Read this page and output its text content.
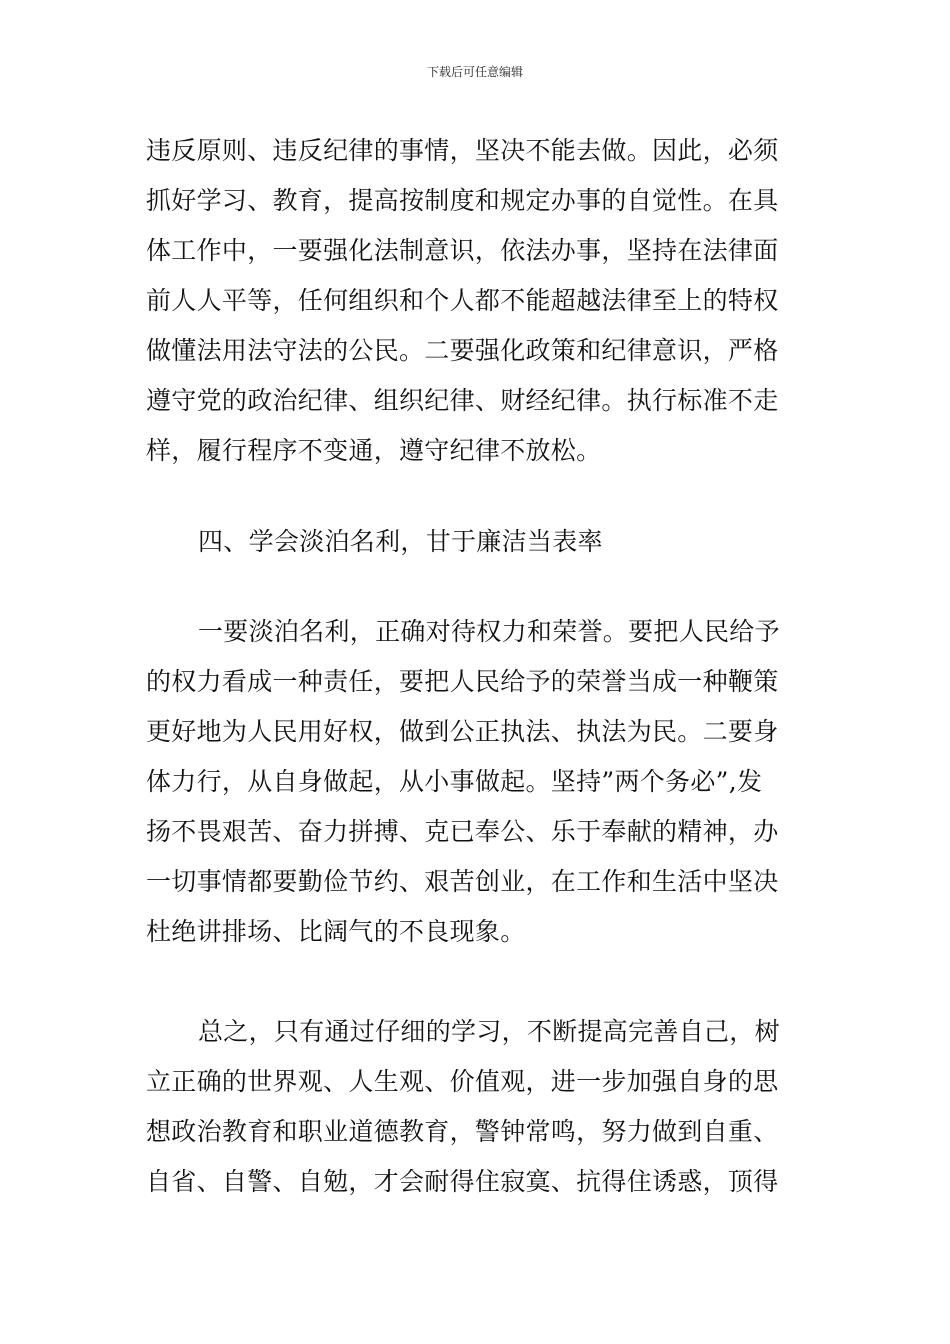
下载后可任意编辑
违反原则、违反纪律的事情，坚决不能去做。因此，必须
抓好学习、教育，提高按制度和规定办事的自觉性。在具
体工作中，一要强化法制意识，依法办事，坚持在法律面
前人人平等，任何组织和个人都不能超越法律至上的特权
做懂法用法守法的公民。二要强化政策和纪律意识，严格
遵守党的政治纪律、组织纪律、财经纪律。执行标准不走
样，履行程序不变通，遵守纪律不放松。
四、学会淡泊名利，甘于廉洁当表率
一要淡泊名利，正确对待权力和荣誉。要把人民给予
的权力看成一种责任，要把人民给予的荣誉当成一种鞭策
更好地为人民用好权，做到公正执法、执法为民。二要身
体力行，从自身做起，从小事做起。坚持”两个务必”,发
扬不畏艰苦、奋力拼搏、克已奉公、乐于奉献的精神，办
一切事情都要勤俭节约、艰苦创业，在工作和生活中坚决
杜绝讲排场、比阔气的不良现象。
总之，只有通过仔细的学习，不断提高完善自己，树
立正确的世界观、人生观、价值观，进一步加强自身的思
想政治教育和职业道德教育，警钟常鸣，努力做到自重、
自省、自警、自勉，才会耐得住寂寞、抗得住诱惑，顶得
